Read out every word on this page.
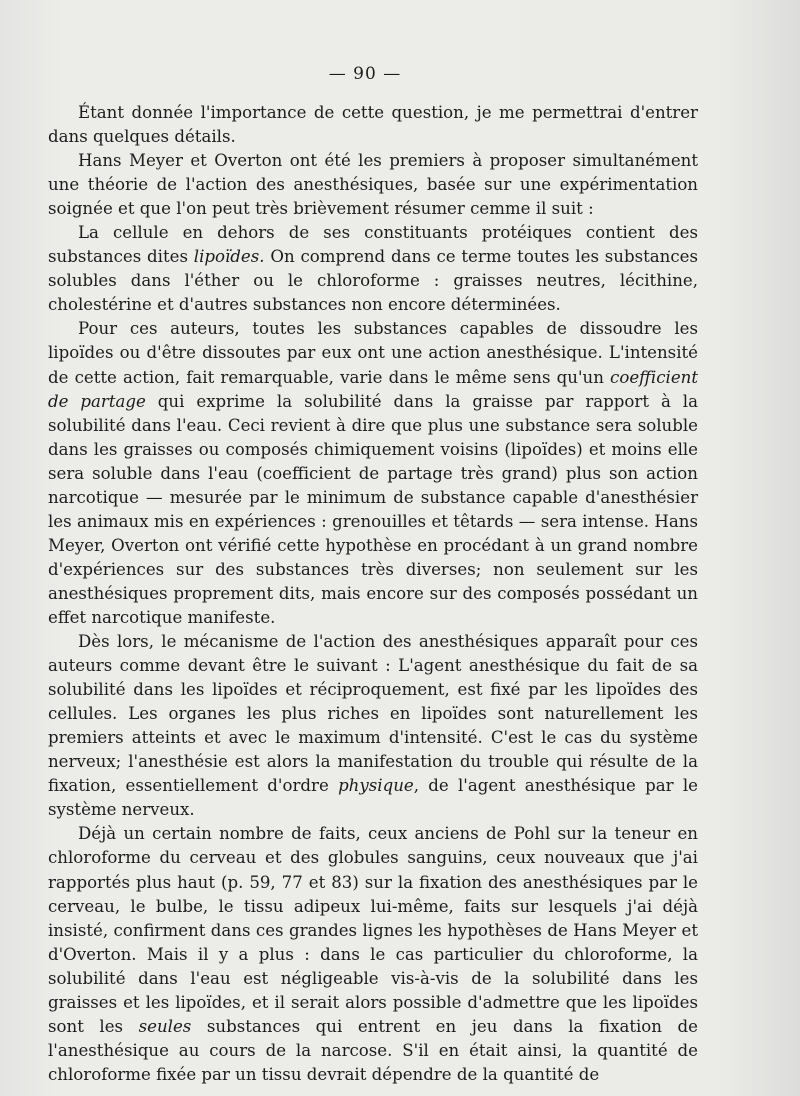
— 90 —

Étant donnée l'importance de cette question, je me permettrai d'entrer dans quelques détails.

Hans Meyer et Overton ont été les premiers à proposer simultanément une théorie de l'action des anesthésiques, basée sur une expérimentation soignée et que l'on peut très brièvement résumer cemme il suit :

La cellule en dehors de ses constituants protéiques contient des substances dites lipoïdes. On comprend dans ce terme toutes les substances solubles dans l'éther ou le chloroforme : graisses neutres, lécithine, cholestérine et d'autres substances non encore déterminées.

Pour ces auteurs, toutes les substances capables de dissoudre les lipoïdes ou d'être dissoutes par eux ont une action anesthésique. L'intensité de cette action, fait remarquable, varie dans le même sens qu'un coefficient de partage qui exprime la solubilité dans la graisse par rapport à la solubilité dans l'eau. Ceci revient à dire que plus une substance sera soluble dans les graisses ou composés chimiquement voisins (lipoïdes) et moins elle sera soluble dans l'eau (coefficient de partage très grand) plus son action narcotique — mesurée par le minimum de substance capable d'anesthésier les animaux mis en expériences : grenouilles et têtards — sera intense. Hans Meyer, Overton ont vérifié cette hypothèse en procédant à un grand nombre d'expériences sur des substances très diverses; non seulement sur les anesthésiques proprement dits, mais encore sur des composés possédant un effet narcotique manifeste.

Dès lors, le mécanisme de l'action des anesthésiques apparaît pour ces auteurs comme devant être le suivant : L'agent anesthésique du fait de sa solubilité dans les lipoïdes et réciproquement, est fixé par les lipoïdes des cellules. Les organes les plus riches en lipoïdes sont naturellement les premiers atteints et avec le maximum d'intensité. C'est le cas du système nerveux; l'anesthésie est alors la manifestation du trouble qui résulte de la fixation, essentiellement d'ordre physique, de l'agent anesthésique par le système nerveux.

Déjà un certain nombre de faits, ceux anciens de Pohl sur la teneur en chloroforme du cerveau et des globules sanguins, ceux nouveaux que j'ai rapportés plus haut (p. 59, 77 et 83) sur la fixation des anesthésiques par le cerveau, le bulbe, le tissu adipeux lui-même, faits sur lesquels j'ai déjà insisté, confirment dans ces grandes lignes les hypothèses de Hans Meyer et d'Overton. Mais il y a plus : dans le cas particulier du chloroforme, la solubilité dans l'eau est négligeable vis-à-vis de la solubilité dans les graisses et les lipoïdes, et il serait alors possible d'admettre que les lipoïdes sont les seules substances qui entrent en jeu dans la fixation de l'anesthésique au cours de la narcose. S'il en était ainsi, la quantité de chloroforme fixée par un tissu devrait dépendre de la quantité de
